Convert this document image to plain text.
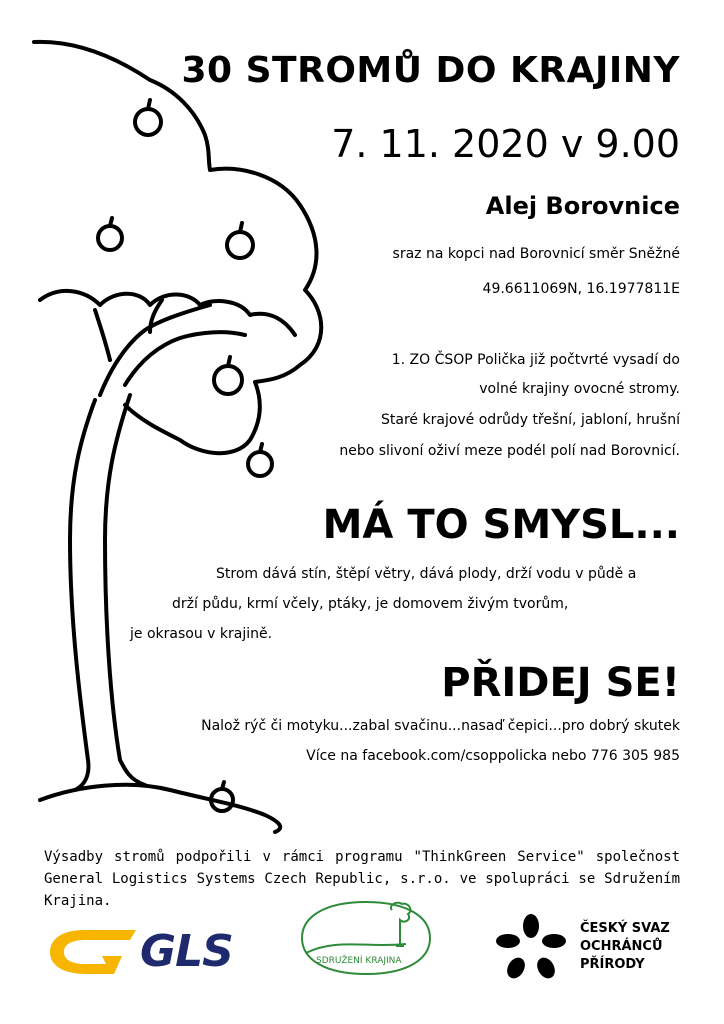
30 STROMŮ DO KRAJINY
7. 11. 2020 v 9.00
Alej Borovnice
sraz na kopci nad Borovnicí směr Sněžné
49.6611069N, 16.1977811E
1. ZO ČSOP Polička již počtvrté vysadí do
volné krajiny ovocné stromy.
Staré krajové odrůdy třešní, jabloní, hrušní
nebo slivoní oživí meze podél polí nad Borovnicí.
MÁ TO SMYSL...
Strom dává stín, štěpí větry, dává plody, drží vodu v půdě a
drží půdu, krmí včely, ptáky, je domovem živým tvorům,
je okrasou v krajině.
PŘIDEJ SE!
Nalož rýč či motyku...zabal svačinu...nasaď čepici...pro dobrý skutek
Více na facebook.com/csoppolicka nebo 776 305 985
Výsadby stromů podpořili v rámci programu "ThinkGreen Service" společnost General Logistics Systems Czech Republic, s.r.o. ve spolupráci se Sdružením Krajina.
GLS	SDRUŽENÍ KRAJINA
ČESKÝ SVAZ
OCHRÁNCŮ
PŘÍRODY
